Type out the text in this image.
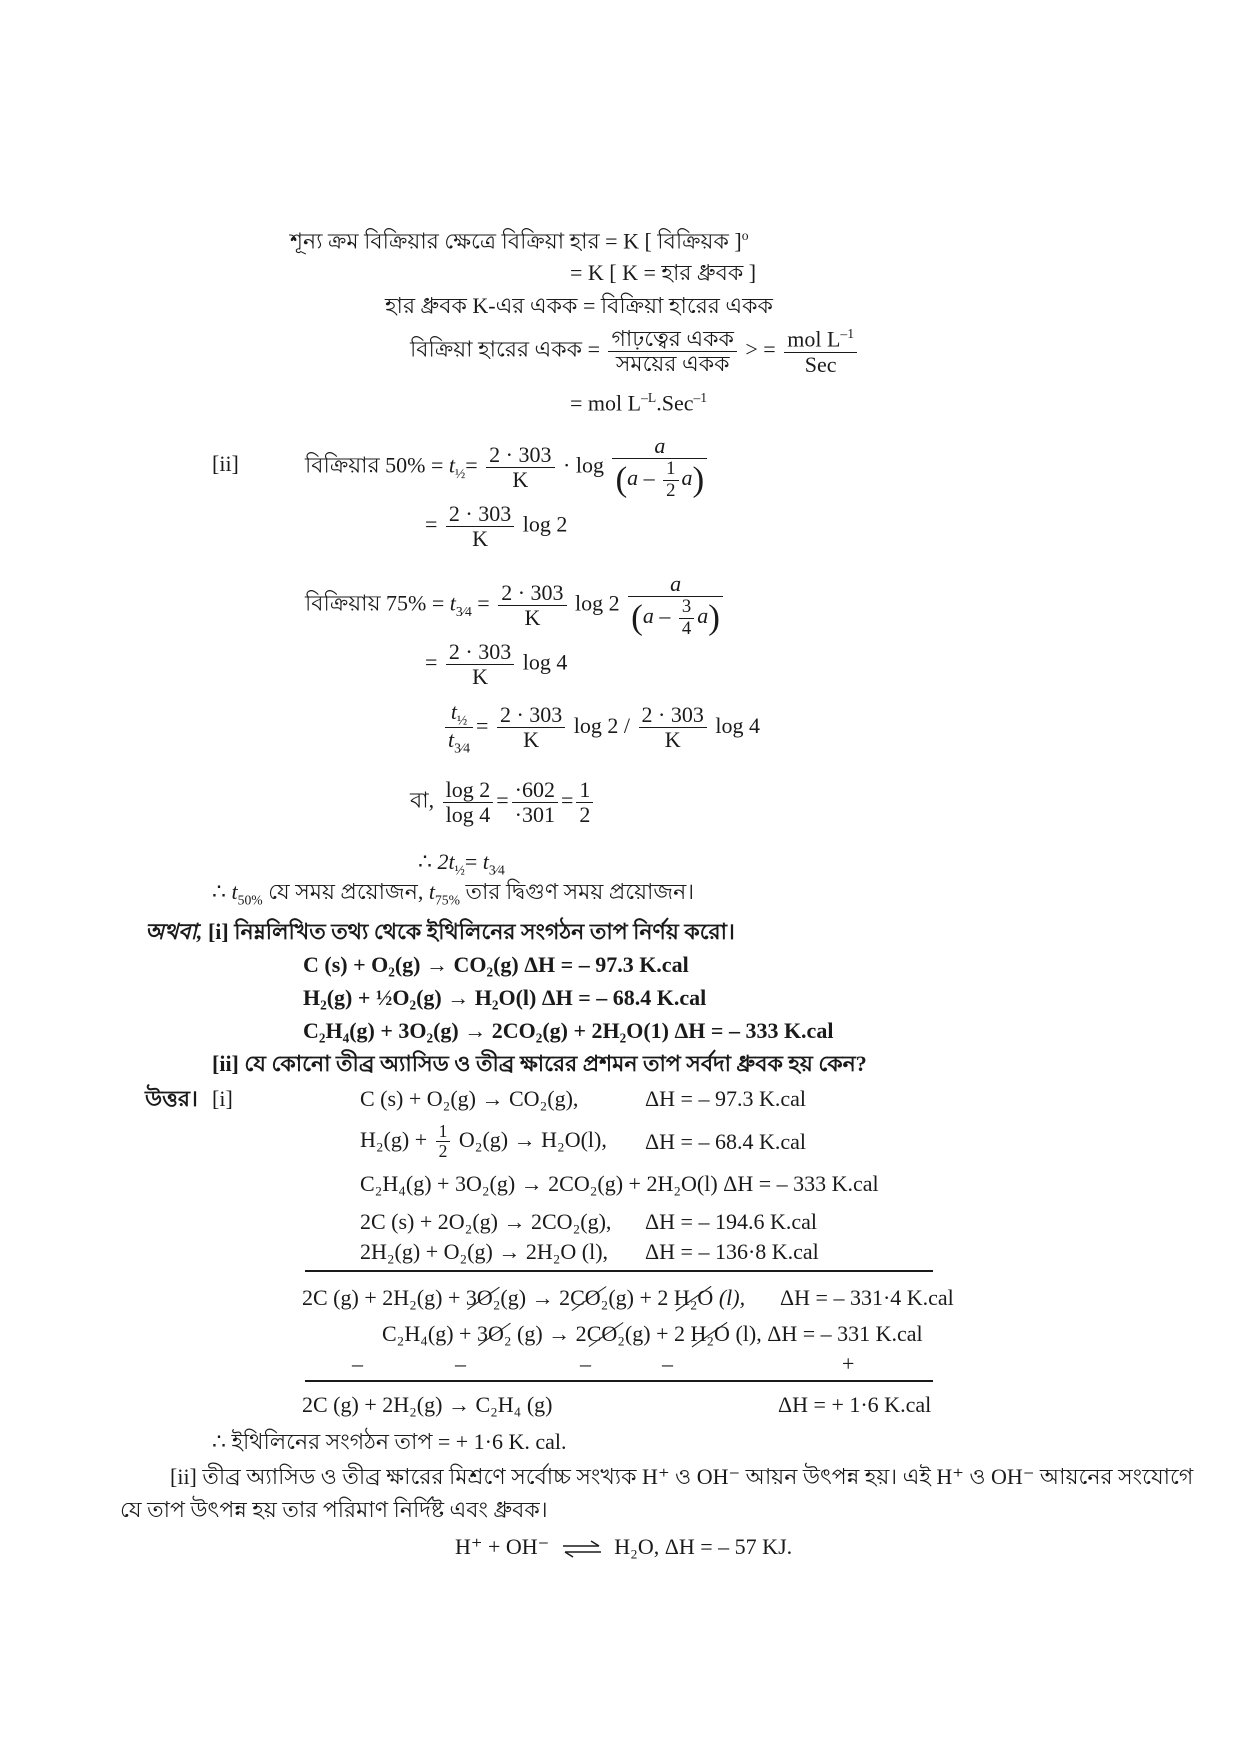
শূন্য ক্রম বিক্রিয়ার ক্ষেত্রে বিক্রিয়া হার = K [ বিক্রিয়ক ]$^o$
= K [ K = হার ধ্রুবক ]
হার ধ্রুবক K-এর একক = বিক্রিয়া হারের একক
বিক্রিয়া হারের একক = $\frac{\text{গাঢ়ত্বের একক}}{\text{সময়ের একক}}$ > = $\frac{mol L^{-1}}{\text{Sec}}$
= mol $L^{-L}.Sec^{-1}$
[ii]	বিক্রিয়ার $50\% = t_{\frac{1}{2}}= \frac{2 \cdot 303}{K} \cdot \log \frac{a}{(a - \frac{1}{2} a)}$
= $\frac{2 \cdot 303}{K}$ log 2
বিক্রিয়ায় $75\% = t_{3⁄4} = \frac{2 \cdot 303}{K}$ $\log 2 \frac{a}{(a - \frac{3}{4} a)}$
= $\frac{2 \cdot 303}{K}$ log 4
$\frac{t_{\frac{1}{2}}}{t_{3⁄4}} = \frac{2 \cdot 303}{K}$ $\log 2 / \frac{2 \cdot 303}{K}$ log 4
বা, $\frac{\log 2}{\log 4} = \frac{\cdot 602}{\cdot 301} = \frac{1}{2}$
∴ $2t_{\frac{1}{2}}= t_{3⁄4}$
∴ $t_{50\%}$ যে সময় প্রয়োজন, $t_{75\%}$ তার দ্বিগুণ সময় প্রয়োজন।
অথবা, [i] নিম্নলিখিত তথ্য থেকে ইথিলিনের সংগঠন তাপ নির্ণয় করো।
C (s) + O₂(g) → CO₂(g) ΔH = – 97.3 K.cal
H₂(g) + ½O₂(g) → H₂O(l) ΔH = – 68.4 K.cal
C₂H₄(g) + 3O₂(g) → 2CO₂(g) + 2H₂O(1) ΔH = – 333 K.cal
[ii] যে কোনো তীব্র অ্যাসিড ও তীব্র ক্ষারের প্রশমন তাপ সর্বদা ধ্রুবক হয় কেন?
উত্তর। [i]	C (s) + O₂(g) → CO₂(g),	ΔH = – 97.3 K.cal
$H_2(g) + \frac{1}{2} O_2(g) \to H_2O(l)$, ΔH = – 68.4 K.cal
C₂H₄(g) + 3O₂(g) → 2CO₂(g) + 2H₂O(l) ΔH = – 333 K.cal
2C (s) + 2O₂(g) → 2CO₂(g), ΔH = – 194.6 K.cal
2H₂(g) + O₂(g) → 2H₂O (l), ΔH = – 136·8 K.cal
2C (g) + 2H₂(g) + 3O₂(g) → 2CO₂(g) + 2 H₂O (l), ΔH = – 331·4 K.cal
C₂H₄(g) + 3O₂ (g) → 2CO₂(g) + 2 H₂O (l), ΔH = – 331 K.cal
–	–	–	–	+
2C (g) + 2H₂(g) → C₂H₄ (g)	ΔH = + 1·6 K.cal
∴ ইথিলিনের সংগঠন তাপ = + 1·6 K. cal.
[ii] তীব্র অ্যাসিড ও তীব্র ক্ষারের মিশ্রণে সর্বোচ্চ সংখ্যক H⁺ ও OH⁻ আয়ন উৎপন্ন হয়। এই H⁺ ও OH⁻ আয়নের সংযোগে
যে তাপ উৎপন্ন হয় তার পরিমাণ নির্দিষ্ট এবং ধ্রুবক।
H⁺ + OH⁻ ⇌ H₂O, ΔH = – 57 KJ.
